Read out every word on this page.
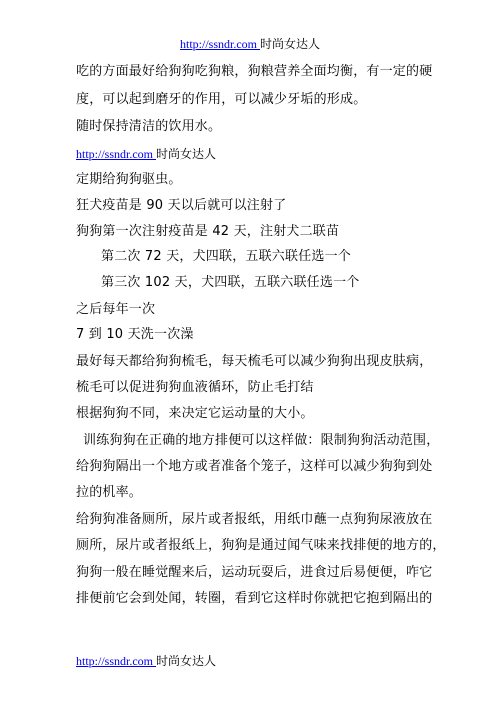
http://ssndr.com 时尚女达人
吃的方面最好给狗狗吃狗粮，狗粮营养全面均衡，有一定的硬
度，可以起到磨牙的作用，可以减少牙垢的形成。
随时保持清洁的饮用水。
http://ssndr.com 时尚女达人
定期给狗狗驱虫。
狂犬疫苗是 90 天以后就可以注射了
狗狗第一次注射疫苗是 42 天，注射犬二联苗
第二次 72 天，犬四联，五联六联任选一个
第三次 102 天，犬四联，五联六联任选一个
之后每年一次
7 到 10 天洗一次澡
最好每天都给狗狗梳毛，每天梳毛可以减少狗狗出现皮肤病，
梳毛可以促进狗狗血液循环，防止毛打结
根据狗狗不同，来决定它运动量的大小。
训练狗狗在正确的地方排便可以这样做：限制狗狗活动范围，
给狗狗隔出一个地方或者准备个笼子，这样可以减少狗狗到处
拉的机率。
给狗狗准备厕所，尿片或者报纸，用纸巾蘸一点狗狗尿液放在
厕所，尿片或者报纸上，狗狗是通过闻气味来找排便的地方的，
狗狗一般在睡觉醒来后，运动玩耍后，进食过后易便便，咋它
排便前它会到处闻，转圈，看到它这样时你就把它抱到隔出的
http://ssndr.com 时尚女达人
